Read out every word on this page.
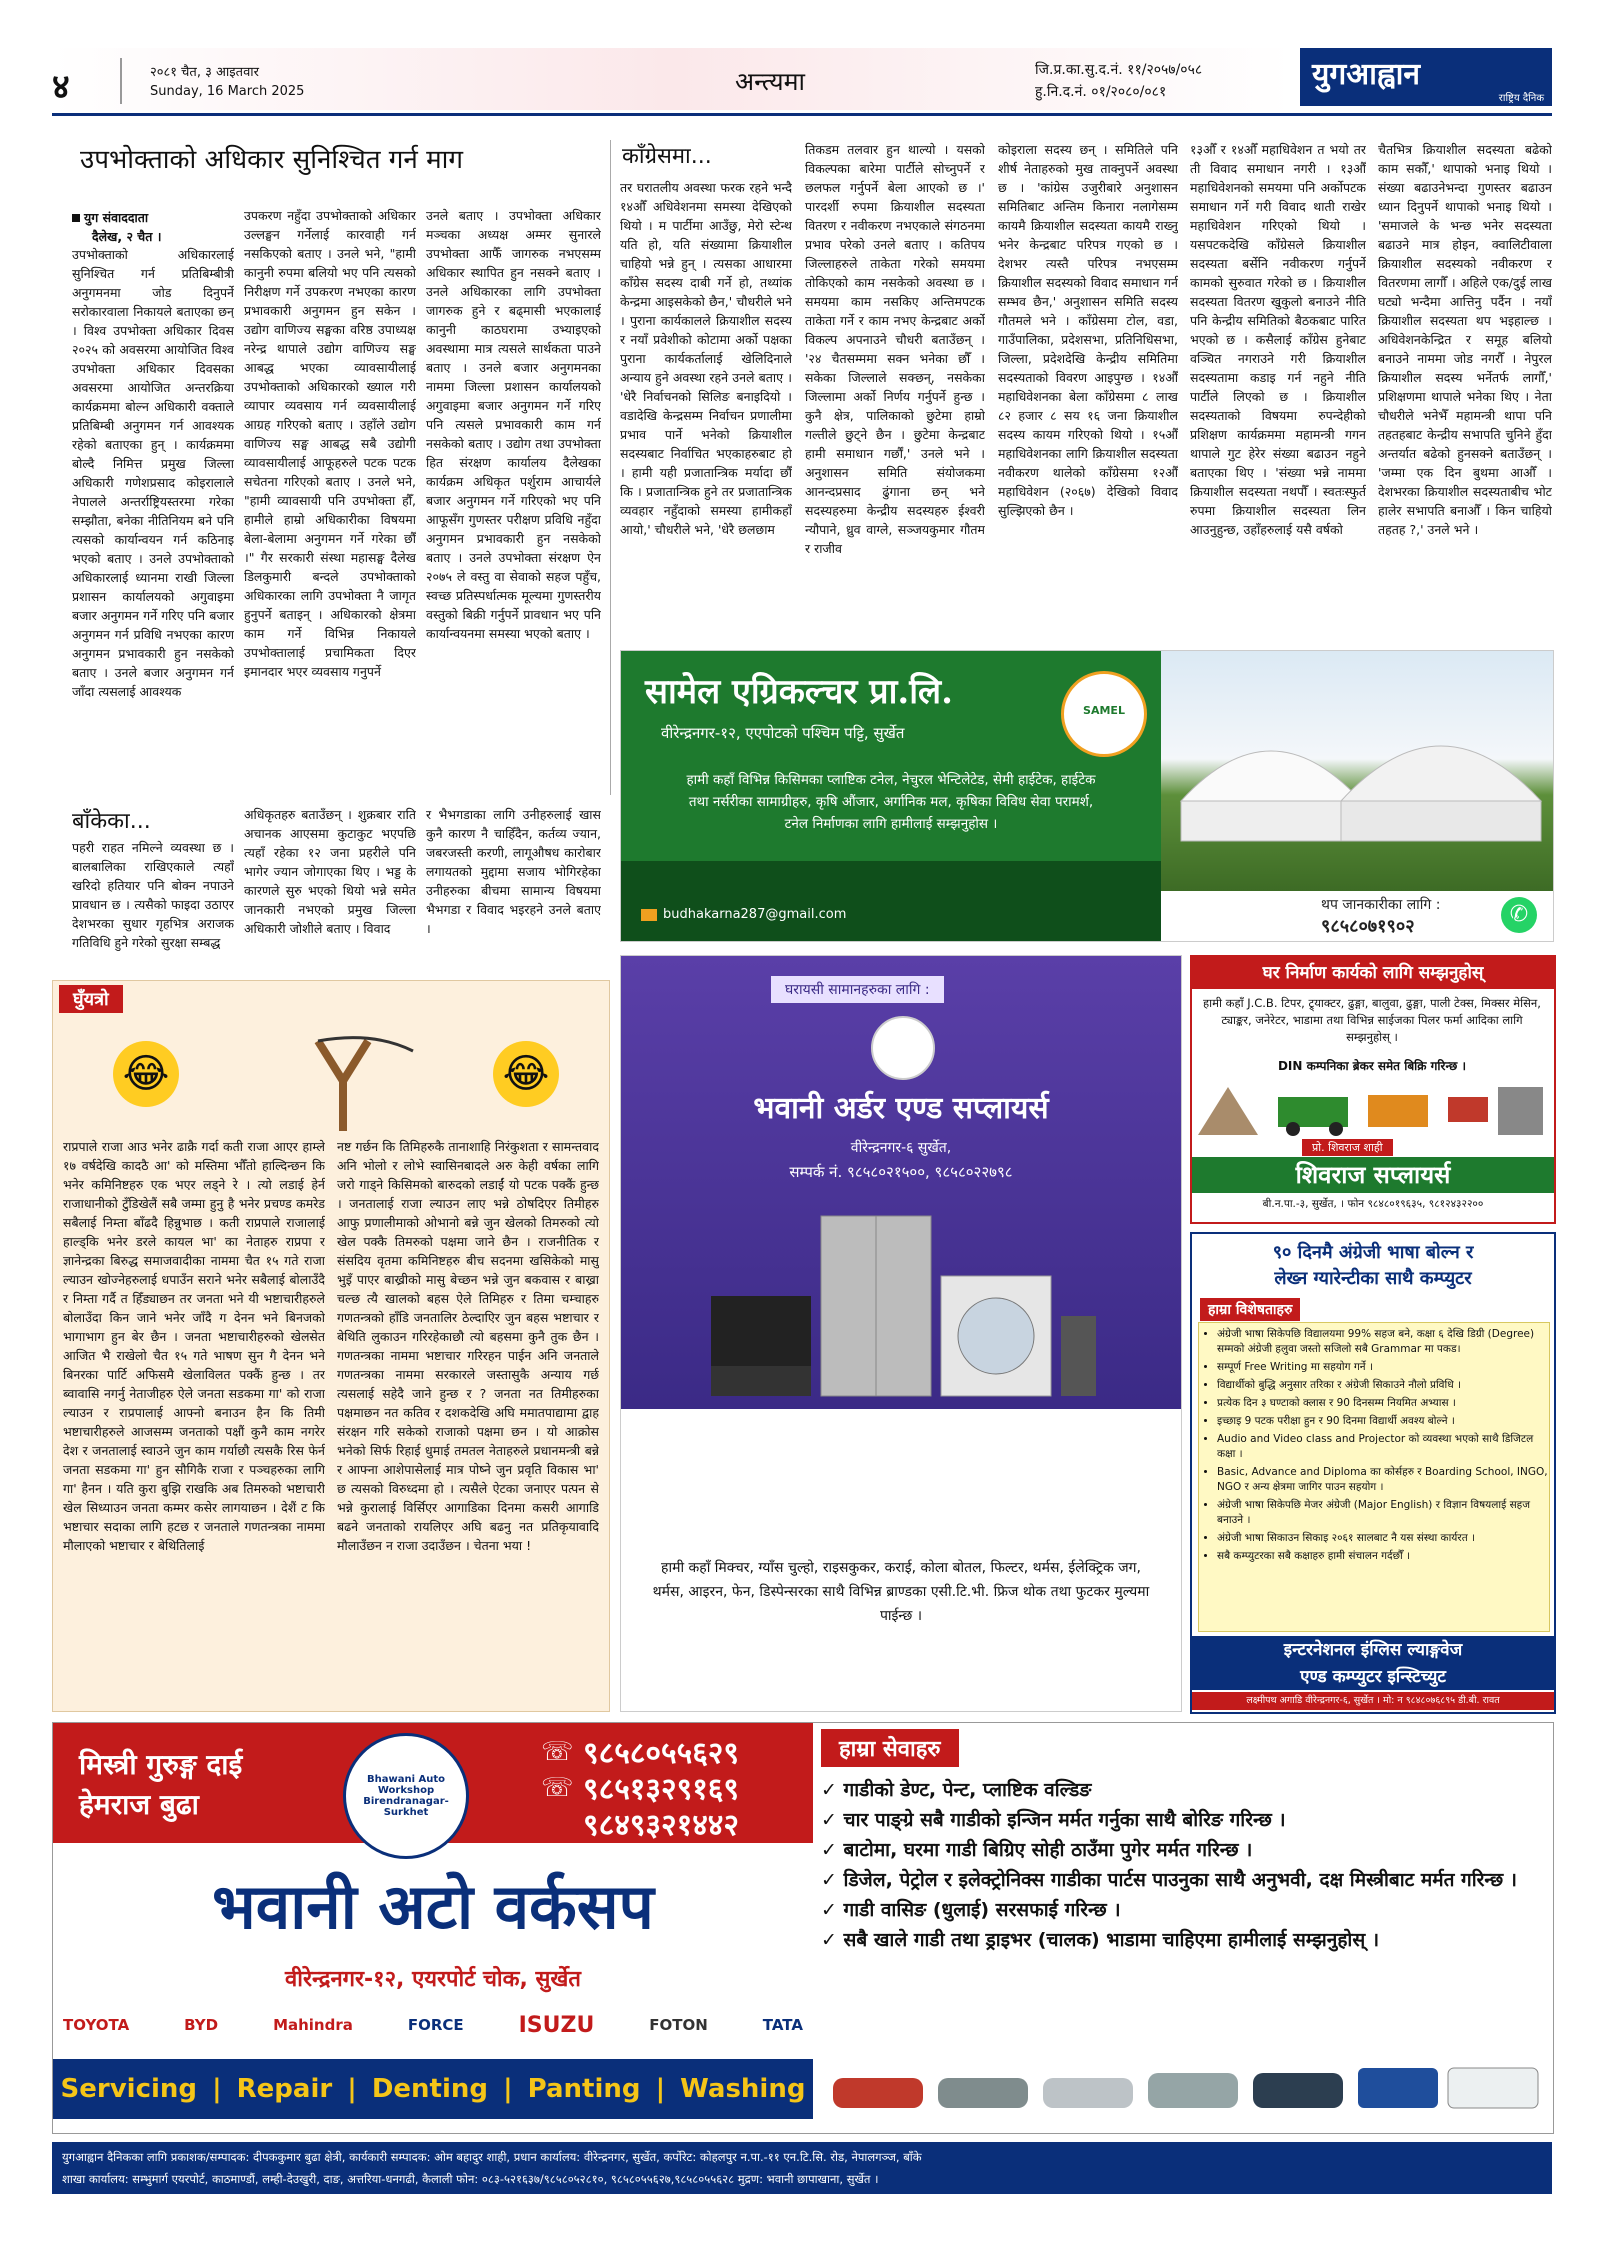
४	२०८१ चैत, ३ आइतवार
Sunday, 16 March 2025	अन्त्यमा	जि.प्र.का.सु.द.नं. ११/२०५७/०५८
हु.नि.द.नं. ०१/२०८०/०८१	युगआह्वान
राष्ट्रिय दैनिक
उपभोक्ताको अधिकार सुनिश्चित गर्न माग
युग संवाददाता
दैलेख, २ चैत ।
उपभोक्ताको अधिकारलाई सुनिश्चित गर्न प्रतिबिम्बीत्री अनुगमनमा जोड दिनुपर्ने सरोकारवाला निकायले बताएका छन् । विश्व उपभोक्ता अधिकार दिवस २०२५ को अवसरमा आयोजित विश्व उपभोक्ता अधिकार दिवसका अवसरमा आयोजित अन्तरक्रिया कार्यक्रममा बोल्न अधिकारी वक्ताले प्रतिबिम्बी अनुगमन गर्न आवश्यक रहेको बताएका हुन् । कार्यक्रममा बोल्दै निमित्त प्रमुख जिल्ला अधिकारी गणेशप्रसाद कोइरालाले नेपालले अन्तर्राष्ट्रियस्तरमा गरेका सम्झौता, बनेका नीतिनियम बने पनि त्यसको कार्यान्वयन गर्न कठिनाइ भएको बताए । उनले उपभोक्ताको अधिकारलाई ध्यानमा राखी जिल्ला प्रशासन कार्यालयको अगुवाइमा बजार अनुगमन गर्ने गरिए पनि बजार अनुगमन गर्न प्रविधि नभएका कारण अनुगमन प्रभावकारी हुन नसकेको बताए । उनले बजार अनुगमन गर्न जाँदा त्यसलाई आवश्यक
उपकरण नहुँदा उपभोक्ताको अधिकार उल्लङ्घन गर्नेलाई कारवाही गर्न नसकिएको बताए । उनले भने, "हामी कानुनी रुपमा बलियो भए पनि त्यसको निरीक्षण गर्ने उपकरण नभएका कारण प्रभावकारी अनुगमन हुन सकेन । उद्योग वाणिज्य सङ्घका वरिष्ठ उपाध्यक्ष नरेन्द्र थापाले उद्योग वाणिज्य सङ्घ आबद्ध भएका व्यावसायीलाई उपभोक्ताको अधिकारको ख्याल गरी व्यापार व्यवसाय गर्न व्यवसायीलाई आग्रह गरिएको बताए । उहाँले उद्योग वाणिज्य सङ्घ आबद्ध सबै उद्योगी व्यावसायीलाई आफूहरुले पटक पटक सचेतना गरिएको बताए । उनले भने, "हामी व्यावसायी पनि उपभोक्ता हौँ, हामीले हाम्रो अधिकारीका विषयमा बेला-बेलामा अनुगमन गर्ने गरेका छौँ ।" गैर सरकारी संस्था महासङ्घ दैलेख डिलकुमारी बन्दले उपभोक्ताको अधिकारका लागि उपभोक्ता नै जागृत हुनुपर्ने बताइन् । अधिकारको क्षेत्रमा काम गर्ने विभिन्न निकायले उपभोक्तालाई प्रचामिकता दिएर इमानदार भएर व्यवसाय गनुपर्ने
उनले बताए । उपभोक्ता अधिकार मञ्चका अध्यक्ष अम्मर सुनारले उपभोक्ता आफैँ जागरुक नभएसम्म अधिकार स्थापित हुन नसक्ने बताए । उनले अधिकारका लागि उपभोक्ता जागरुक हुने र बढ्मासी भएकालाई कानुनी काठघरामा उभ्याइएको अवस्थामा मात्र त्यसले सार्थकता पाउने बताए । उनले बजार अनुगमनका नाममा जिल्ला प्रशासन कार्यालयको अगुवाइमा बजार अनुगमन गर्ने गरिए पनि त्यसले प्रभावकारी काम गर्न नसकेको बताए । उद्योग तथा उपभोक्ता हित संरक्षण कार्यालय दैलेखका कार्यक्रम अधिकृत पर्शुराम आचार्यले बजार अनुगमन गर्ने गरिएको भए पनि आफूसँग गुणस्तर परीक्षण प्रविधि नहुँदा अनुगमन प्रभावकारी हुन नसकेको बताए । उनले उपभोक्ता संरक्षण ऐन २०७५ ले वस्तु वा सेवाको सहज पहुँच, स्वच्छ प्रतिस्पर्धात्मक मूल्यमा गुणस्तरीय वस्तुको बिक्री गर्नुपर्ने प्रावधान भए पनि कार्यान्वयनमा समस्या भएको बताए ।
काँग्रेसमा...
तर घरातलीय अवस्था फरक रहने भन्दै १४औँ अधिवेशनमा समस्या देखिएको थियो । म पार्टीमा आउँछु, मेरो स्टेन्थ यति हो, यति संख्यामा क्रियाशील चाहियो भन्ने हुन् । त्यसका आधारमा काँग्रेस सदस्य दाबी गर्ने हो, तथ्यांक केन्द्रमा आइसकेको छैन,' चौधरीले भने । पुराना कार्यकालले क्रियाशील सदस्य र नयाँ प्रवेशीको कोटामा अर्को पक्षका पुराना कार्यकर्तालाई खेलिदिनाले अन्याय हुने अवस्था रहने उनले बताए । 'धेरै निर्वाचनको सिलिङ बनाइदियो । वडादेखि केन्द्रसम्म निर्वाचन प्रणालीमा प्रभाव पार्ने भनेको क्रियाशील सदस्यबाट निर्वाचित भएकाहरुबाट हो । हामी यही प्रजातान्त्रिक मर्यादा छौँ कि । प्रजातान्त्रिक हुने तर प्रजातान्त्रिक व्यवहार नहुँदाको समस्या हामीकहाँ आयो,' चौधरीले भने, 'धेरै छलछाम
तिकडम तलवार हुन थाल्यो । यसको विकल्पका बारेमा पार्टीले सोच्नुपर्ने र छलफल गर्नुपर्ने बेला आएको छ ।' पारदर्शी रुपमा क्रियाशील सदस्यता वितरण र नवीकरण नभएकाले संगठनमा प्रभाव परेको उनले बताए । कतिपय जिल्लाहरुले ताकेता गरेको समयमा तोकिएको काम नसकेको अवस्था छ । समयमा काम नसकिए अन्तिमपटक ताकेता गर्ने र काम नभए केन्द्रबाट अर्को विकल्प अपनाउने चौधरी बताउँछन् । '२४ चैतसम्ममा सक्न भनेका छौँ । सकेका जिल्लाले सक्छन्, नसकेका जिल्लामा अर्को निर्णय गर्नुपर्ने हुन्छ । कुनै क्षेत्र, पालिकाको छुटेमा हाम्रो गल्तीले छुट्ने छैन । छुटेमा केन्द्रबाट हामी समाधान गर्छौं,' उनले भने । अनुशासन समिति संयोजकमा आनन्दप्रसाद ढुंगाना छन् भने सदस्यहरुमा केन्द्रीय सदस्यहरु ईश्वरी न्यौपाने, ध्रुव वाग्ले, सञ्जयकुमार गौतम र राजीव
कोइराला सदस्य छन् । समितिले पनि शीर्ष नेताहरुको मुख ताक्नुपर्ने अवस्था छ । 'कांग्रेस उजुरीबारे अनुशासन समितिबाट अन्तिम किनारा नलागेसम्म कायमै क्रियाशील सदस्यता कायमै राख्नु भनेर केन्द्रबाट परिपत्र गएको छ । देशभर त्यस्तै परिपत्र नभएसम्म क्रियाशील सदस्यको विवाद समाधान गर्न सम्भव छैन,' अनुशासन समिति सदस्य गौतमले भने । काँग्रेसमा टोल, वडा, गाउँपालिका, प्रदेशसभा, प्रतिनिधिसभा, जिल्ला, प्रदेशदेखि केन्द्रीय समितिमा सदस्यताको विवरण आइपुग्छ । १४औँ महाधिवेशनका बेला काँग्रेसमा ८ लाख ८२ हजार ८ सय १६ जना क्रियाशील सदस्य कायम गरिएको थियो । १५औँ महाधिवेशनका लागि क्रियाशील सदस्यता नवीकरण थालेको काँग्रेसमा १२औँ महाधिवेशन (२०६७) देखिको विवाद सुल्झिएको छैन ।
१३औँ र १४औँ महाधिवेशन त भयो तर ती विवाद समाधान नगरी । १३औँ महाधिवेशनको समयमा पनि अर्कोपटक समाधान गर्ने गरी विवाद थाती राखेर महाधिवेशन गरिएको थियो । यसपटकदेखि काँग्रेसले क्रियाशील सदस्यता बर्सेनि नवीकरण गर्नुपर्ने कामको सुरुवात गरेको छ । क्रियाशील सदस्यता वितरण खुकुलो बनाउने नीति पनि केन्द्रीय समितिको बैठकबाट पारित भएको छ । कसैलाई काँग्रेस हुनेबाट वञ्चित नगराउने गरी क्रियाशील सदस्यतामा कडाइ गर्न नहुने नीति पार्टीले लिएको छ । क्रियाशील सदस्यताको विषयमा रुपन्देहीको प्रशिक्षण कार्यक्रममा महामन्त्री गगन थापाले गुट हेरेर संख्या बढाउन नहुने बताएका थिए । 'संख्या भन्ने नाममा क्रियाशील सदस्यता नथपौँ । स्वतःस्फुर्त रुपमा क्रियाशील सदस्यता लिन आउनुहुन्छ, उहाँहरुलाई यसै वर्षको
चैतभित्र क्रियाशील सदस्यता बढेको काम सकौँ,' थापाको भनाइ थियो । संख्या बढाउनेभन्दा गुणस्तर बढाउन ध्यान दिनुपर्ने थापाको भनाइ थियो । 'समाजले के भन्छ भनेर सदस्यता बढाउने मात्र होइन, क्वालिटीवाला क्रियाशील सदस्यको नवीकरण र वितरणमा लागौँ । अहिले एक/दुई लाख घट्यो भन्दैमा आत्तिनु पर्दैन । नयाँ क्रियाशील सदस्यता थप भइहाल्छ । अधिवेशनकेन्द्रित र समूह बलियो बनाउने नाममा जोड नगरौँ । नेपुरल क्रियाशील सदस्य भर्नेतर्फ लागौँ,' प्रशिक्षणमा थापाले भनेका थिए । नेता चौधरीले भनेभैँ महामन्त्री थापा पनि तहतहबाट केन्द्रीय सभापति चुनिने हुँदा अन्तर्यात बढेको हुनसक्ने बताउँछन् । 'जम्मा एक दिन बुथमा आऔँ । देशभरका क्रियाशील सदस्यताबीच भोट हालेर सभापति बनाऔँ । किन चाहियो तहतह ?,' उनले भने ।
सामेल एग्रिकल्चर प्रा.लि.
वीरेन्द्रनगर-१२, एएपोटको पश्चिम पट्टि, सुर्खेत
हामी कहाँ विभिन्न किसिमका प्लाष्टिक टनेल, नेचुरल भेन्टिलेटेड, सेमी हाईटेक, हाईटेक तथा नर्सरीका सामाग्रीहरु, कृषि औंजार, अर्गानिक मल, कृषिका विविध सेवा परामर्श, टनेल निर्माणका लागि हामीलाई सम्झनुहोस ।
budhakarna287@gmail.com
SAMEL
थप जानकारीका लागि :
९८५८०७१९०२	✆
बाँकेका...
पहरी राहत नमिल्ने व्यवस्था छ । बालबालिका राखिएकाले त्यहाँ खरिदो हतियार पनि बोक्न नपाउने प्रावधान छ । त्यसैको फाइदा उठाएर देशभरका सुधार गृहभित्र अराजक गतिविधि हुने गरेको सुरक्षा सम्बद्ध
अधिकृतहरु बताउँछन् । शुक्रबार राति अचानक आएसमा कुटाकुट भएपछि त्यहाँ रहेका १२ जना प्रहरीले पनि भागेर ज्यान जोगाएका थिए । भड्ड के कारणले सुरु भएको थियो भन्ने समेत जानकारी नभएको प्रमुख जिल्ला अधिकारी जोशीले बताए । विवाद
र भैभगडाका लागि उनीहरुलाई खास कुनै कारण नै चाहिँदैन, कर्तव्य ज्यान, जबरजस्ती करणी, लागूऔषध कारोबार लगायतको मुद्दामा सजाय भोगिरहेका उनीहरुका बीचमा सामान्य विषयमा भैभगडा र विवाद भइरहने उनले बताए ।
घुँयत्रो
😂	😂
राप्रपाले राजा आउ भनेर ढाक्रै गर्दा कती राजा आएर हाम्ले १७ वर्षदेखि कादठै आ' को मस्तिमा भौँतो हाल्दिन्छन कि भनेर कमिनिष्टहरु एक भएर लड्ने रे । त्यो लडाई हेर्न राजाधानीको टुँडिखेलैं सबै जम्मा हुनु है भनेर प्रचण्ड कमरेड सबैलाई निम्ता बाँढदै हिन्नुभाछ । कती राप्रपाले राजालाई हाल्ड्कि भनेर डरले कायल भा' का नेताहरु राप्रपा र ज्ञानेन्द्रका बिरुद्ध समाजवादीका नाममा चैत १५ गते राजा ल्याउन खोज्नेहरुलाई धपाउँन सराने भनेर सबैलाई बोलाउँदै र निम्ता गर्दै त हिँड्याछन तर जनता भने यी भष्टाचारीहरुले बोलाउँदा किन जाने भनेर जाँदै ग देनन भने बिनजको भागाभाग हुन बेर छैन । जनता भष्टाचारीहरुको खेलसेत आजित भै राखेलो चैत १५ गते भाषण सुन गै देनन भने बिनरका पार्टि अफिसमै खेलाविलत पक्कैं हुन्छ । तर ब्वावासि नगर्नु नेताजीहरु ऐले जनता सडकमा गा' को राजा ल्याउन र राप्रपालाई आफ्नो बनाउन हैन कि तिमी भष्टाचारीहरुले आजसम्म जनताको पक्षौं कुनै काम नगरेर देश र जनतालाई स्वाउने जुन काम गर्याछौ त्यसकै रिस फेर्न जनता सडकमा गा' हुन सौगिकै राजा र पञ्चहरुका लागि गा' हैनन । यति कुरा बुझि राखकि अब तिमरुको भष्टाचारी खेल सिध्याउन जनता कम्मर कसेर लागयाछन । देशैं ट कि भष्टाचार सदाका लागि हटछ र जनताले गणतन्त्रका नाममा मौलाएको भष्टाचार र बेथितिलाई
नष्ट गर्छन कि तिमिहरुकै तानाशाहि निरंकुशता र सामन्तवाद अनि भोलो र लोभे स्वासिनबादले अरु केही वर्षका लागि जरो गाड्ने किसिमको बारुदको लडाईं यो पटक पक्कैं हुन्छ । जनतालाई राजा ल्याउन लाए भन्ने ठोषदिएर तिमीहरु आफु प्रणालीमाको ओभानो बन्ने जुन खेलको तिमरुको त्यो खेल पक्कै तिमरुको पक्षमा जाने छैन । राजनीतिक र संसदिय वृतमा कमिनिष्टहरु बीच सदनमा खसिकेको मासु भुइँ पाएर बाख्रीको मासु बेच्छन भन्ने जुन बकवास र बाख्रा चल्छ त्यै खालको बहस ऐले तिमिहरु र तिमा चम्चाहरु गणतन्त्रको हाँडि जनतालिर ठेल्दाएिर जुन बहस भष्टाचार र बेथिति लुकाउन गरिरहेकाछौ त्यो बहसमा कुनै तुक छैन । गणतन्त्रका नाममा भष्टाचार गरिरहन पाईन अनि जनताले गणतन्त्रका नाममा सरकारले जस्तासुकै अन्याय गर्छ त्यसलाई सहेदै जाने हुन्छ र ? जनता नत तिमीहरुका पक्षमाछन नत कतिव र दशकदेखि अघि ममातपाद्यामा द्वाह संरक्षन गरि सकेको राजाको पक्षमा छन । यो आक्रोस भनेको सिर्फ रिहाई धुमाई तमतल नेताहरुले प्रधानमन्त्री बन्ने र आफ्ना आशेपासेलाई मात्र पोष्ने जुन प्रवृति विकास भा' छ त्यसको विरुध्दमा हो । त्यसैले ऐटका जनाएर पत्पन से भन्ने कुरालाई विर्सिएर आगाडिका दिनमा कसरी आगाडि बढने जनताको रायलिएर अघि बढनु नत प्रतिकृयावादि मौलाउँछन न राजा उदाउँछन । चेतना भया !
घरायसी सामानहरुका लागि :
भवानी अर्डर एण्ड सप्लायर्स
वीरेन्द्रनगर-६ सुर्खेत,
सम्पर्क नं. ९८५८०२१५००, ९८५८०२२७९८
हामी कहाँ मिक्चर, ग्याँस चुल्हो, राइसकुकर, कराई, कोला बोतल, फिल्टर, थर्मस, ईलेक्ट्रिक जग, थर्मस, आइरन, फेन, डिस्पेन्सरका साथै विभिन्न ब्राण्डका एसी.टि.भी. फ्रिज थोक तथा फुटकर मुल्यमा पाईन्छ ।
घर निर्माण कार्यको लागि सम्झनुहोस्
हामी कहाँ J.C.B. टिपर, ट्र्याक्टर, ढुङ्गा, बालुवा, ढुङ्गा, पाली टेक्स, मिक्सर मेसिन, ट्याङ्कर, जनेरेटर, भाडामा तथा विभिन्न साईजका पिलर फर्मा आदिका लागि सम्झनुहोस् ।
DIN कम्पनिका ब्रेकर समेत बिक्रि गरिन्छ ।
प्रो. शिवराज शाही
शिवराज सप्लायर्स
बी.न.पा.-३, सुर्खेत, । फोन ९८४८०१९६३५, ९८१२४३२२००
९० दिनमै अंग्रेजी भाषा बोल्न र
लेख्न ग्यारेन्टीका साथै कम्प्युटर
हाम्रा विशेषताहरु
• अंग्रेजी भाषा सिकेपछि विद्यालयमा 99% सहज बने, कक्षा ६ देखि डिग्री (Degree) सम्मको अंग्रेजी हलुवा जस्तो सजिलो सबै Grammar मा पकड।
• सम्पूर्ण Free Writing मा सहयोग गर्ने ।
• विद्यार्थीको बुद्धि अनुसार तरिका र अंग्रेजी सिकाउने नौलो प्रविधि ।
• प्रत्येक दिन ३ घण्टाको क्लास र 90 दिनसम्म नियमित अभ्यास ।
• इच्छाइ 9 पटक परीक्षा हुन र 90 दिनमा विद्यार्थी अवश्य बोल्ने ।
• Audio and Video class and Projector को व्यवस्था भएको साथै डिजिटल कक्षा ।
• Basic, Advance and Diploma का कोर्सहरु र Boarding School, INGO, NGO र अन्य क्षेत्रमा जागिर पाउन सहयोग ।
• अंग्रेजी भाषा सिकेपछि मेजर अंग्रेजी (Major English) र विज्ञान विषयलाई सहज बनाउने ।
• अंग्रेजी भाषा सिकाउन सिकाइ २०६१ सालबाट नै यस संस्था कार्यरत ।
• सबै कम्प्युटरका सबै कक्षाहरु हामी संचालन गर्दछौँ ।
इन्टरनेशनल इंग्लिस ल्याङ्गवेज
एण्ड कम्प्युटर इन्स्टिच्युट
लक्ष्मीपथ अगाडि वीरेन्द्रनगर-६, सुर्खेत । मो: न ९८४८०७६८९५ डी.बी. रावत
मिस्त्री गुरुङ्ग दाई
हेमराज बुढा
Bhawani Auto Workshop Birendranagar-Surkhet
☏ ९८५८०५५६२९
☏ ९८५१३२९१६९
९८४९३२१४४२
भवानी अटो वर्कसप
वीरेन्द्रनगर-१२, एयरपोर्ट चोक, सुर्खेत
TOYOTA	BYD	Mahindra	FORCE ISUZU	FOTON	TATA
Servicing | Repair | Denting | Panting | Washing
हाम्रा सेवाहरु
✓ गाडीको डेण्ट, पेन्ट, प्लाष्टिक वल्डिङ
✓ चार पाङ्ग्रे सबै गाडीको इन्जिन मर्मत गर्नुका साथै बोरिङ गरिन्छ ।
✓ बाटोमा, घरमा गाडी बिग्रिए सोही ठाउँमा पुगेर मर्मत गरिन्छ ।
✓ डिजेल, पेट्रोल र इलेक्ट्रोनिक्स गाडीका पार्टस पाउनुका साथै अनुभवी, दक्ष मिस्त्रीबाट मर्मत गरिन्छ ।
✓ गाडी वासिङ (धुलाई) सरसफाई गरिन्छ ।
✓ सबै खाले गाडी तथा ड्राइभर (चालक) भाडामा चाहिएमा हामीलाई सम्झनुहोस् ।
युगआह्वान दैनिकका लागि प्रकाशक/सम्पादक: दीपककुमार बुढा क्षेत्री, कार्यकारी सम्पादक: ओम बहादुर शाही, प्रधान कार्यालय: वीरेन्द्रनगर, सुर्खेत, कर्पोरेट: कोहलपुर न.पा.-११ एन.टि.सि. रोड, नेपालगञ्ज, बाँके
शाखा कार्यालय: सम्भुमार्ग एयरपोर्ट, काठमाण्डौं, लम्ही-देउखुरी, दाङ, अत्तरिया-धनगढी, कैलाली फोन: ०८३-५२१६३७/९८५८०५२८१०, ९८५८०५५६२७,९८५८०५५६२८ मुद्रण: भवानी छापाखाना, सुर्खेत ।
